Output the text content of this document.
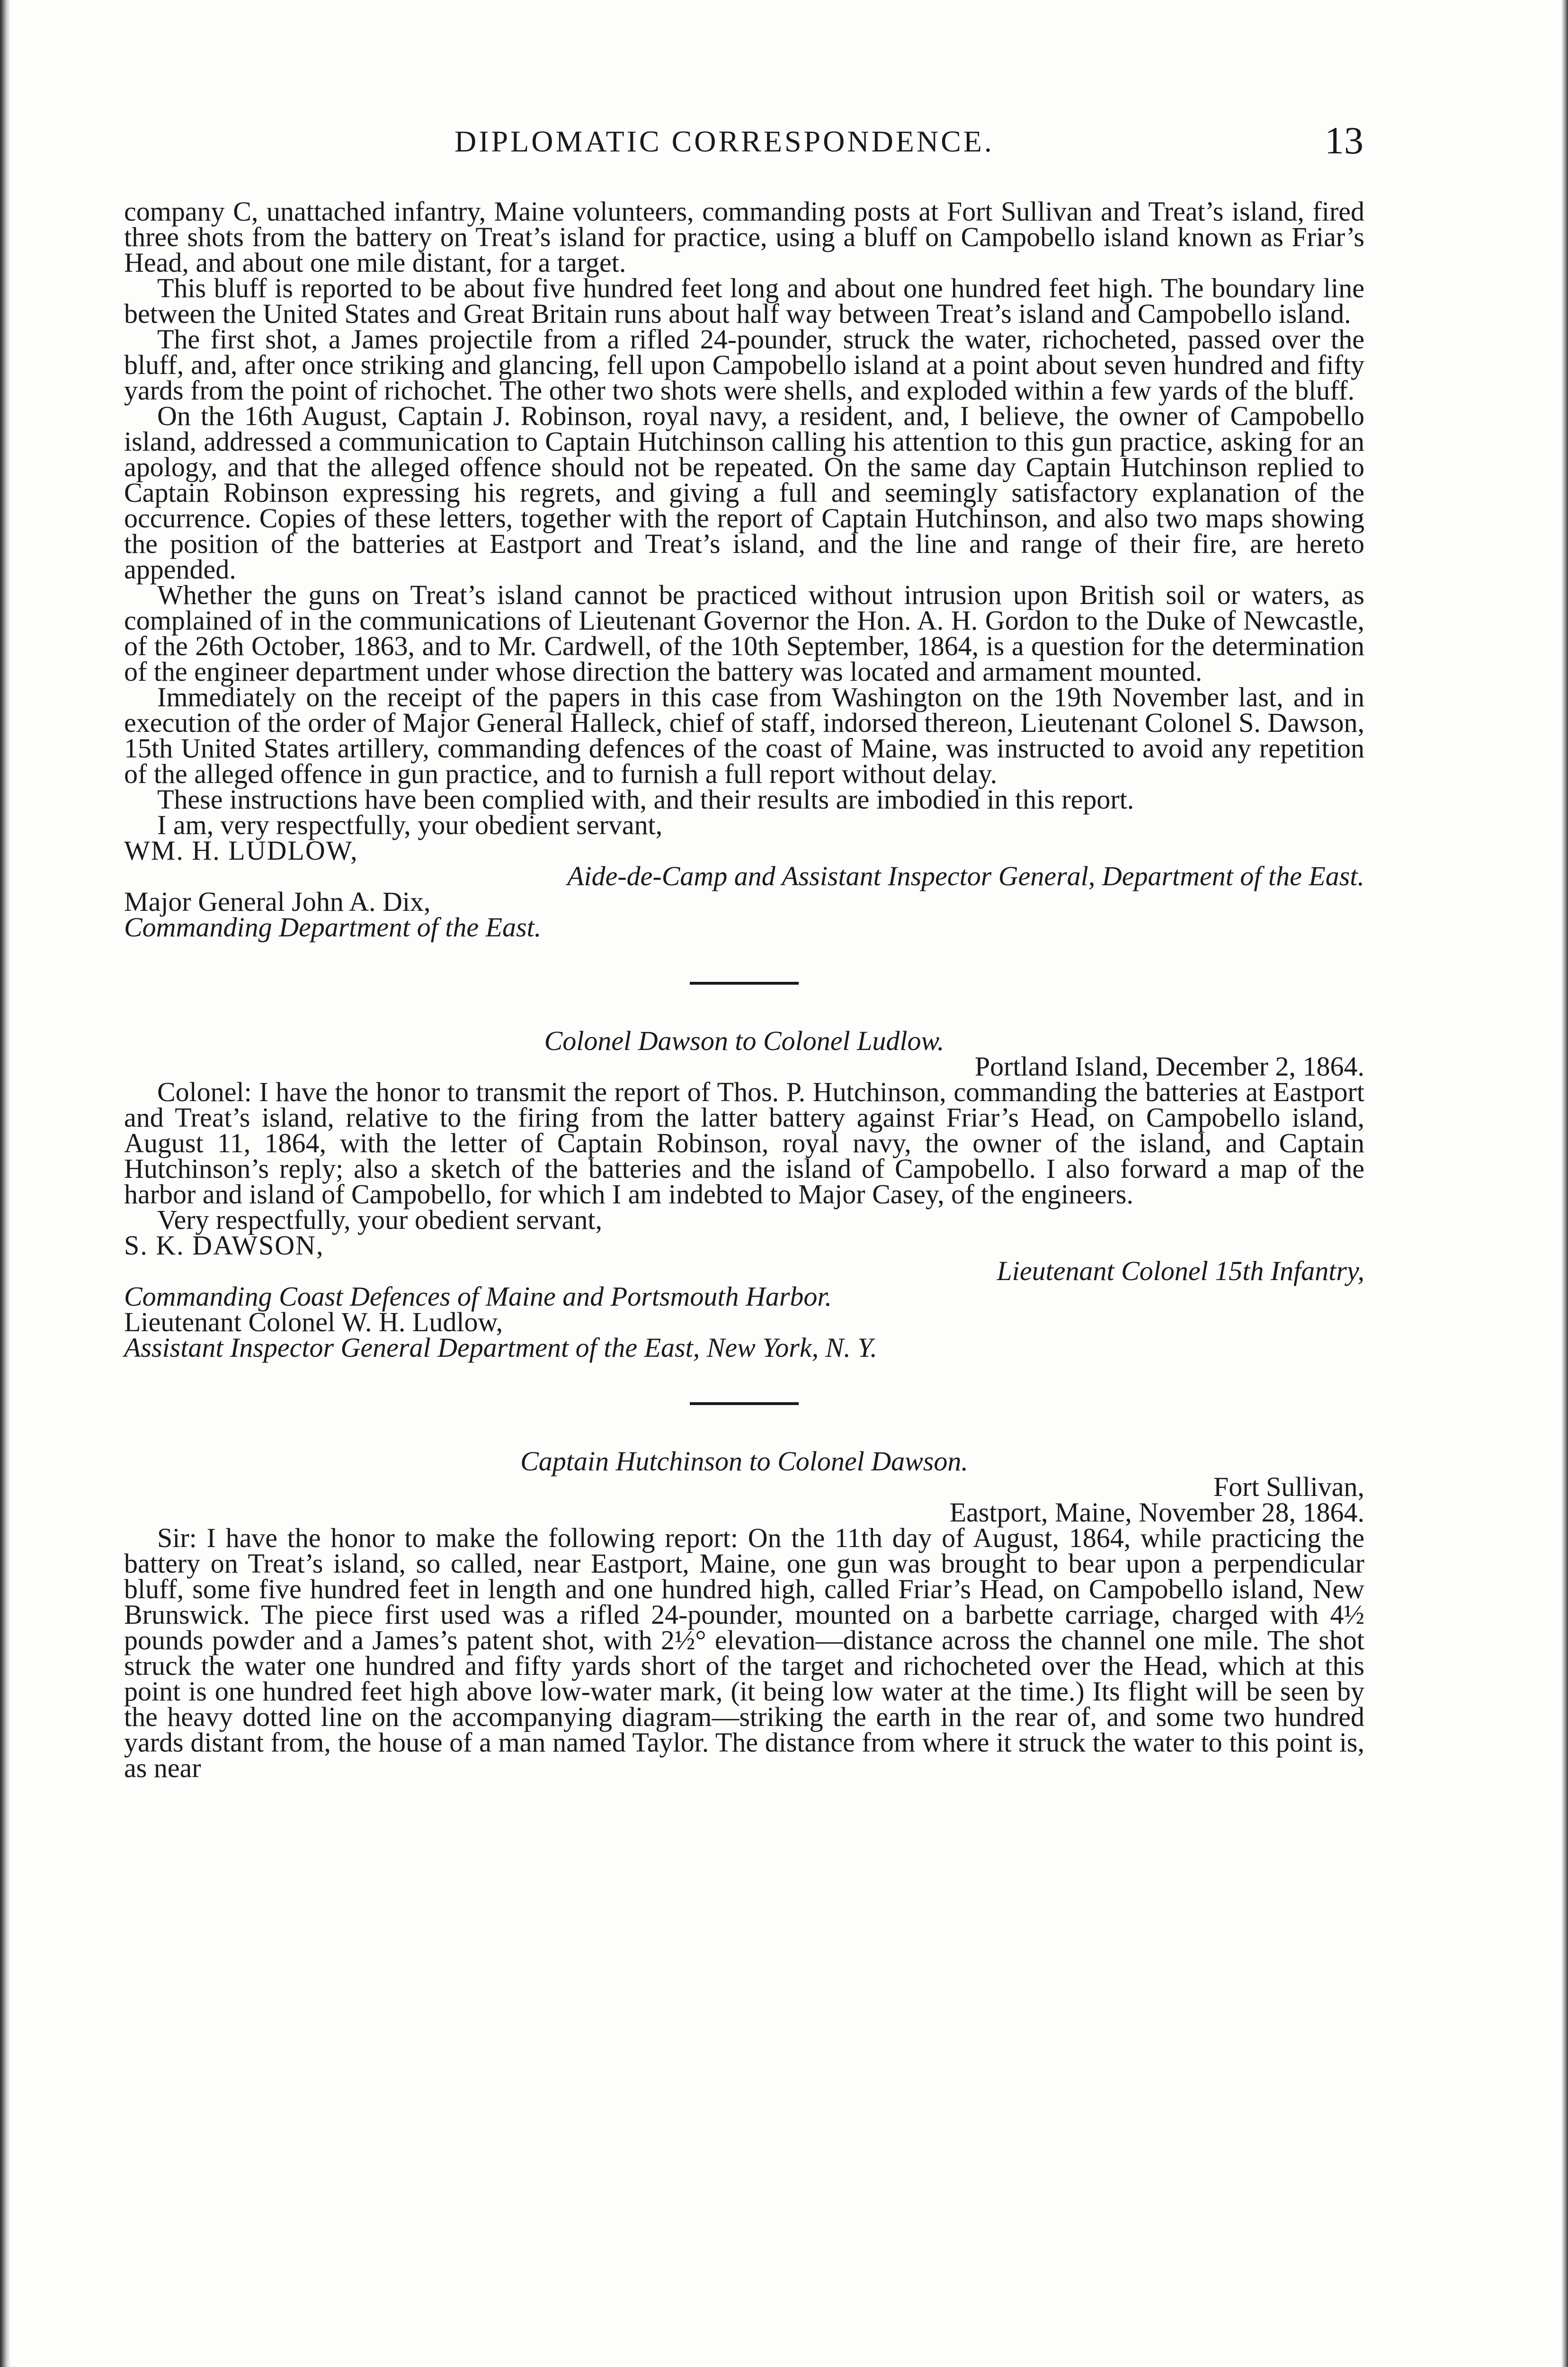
DIPLOMATIC CORRESPONDENCE.	13

company C, unattached infantry, Maine volunteers, commanding posts at Fort Sullivan and Treat’s island, fired three shots from the battery on Treat’s island for practice, using a bluff on Campobello island known as Friar’s Head, and about one mile distant, for a target.

This bluff is reported to be about five hundred feet long and about one hundred feet high. The boundary line between the United States and Great Britain runs about half way between Treat’s island and Campobello island.

The first shot, a James projectile from a rifled 24-pounder, struck the water, richocheted, passed over the bluff, and, after once striking and glancing, fell upon Campobello island at a point about seven hundred and fifty yards from the point of richochet. The other two shots were shells, and exploded within a few yards of the bluff.

On the 16th August, Captain J. Robinson, royal navy, a resident, and, I believe, the owner of Campobello island, addressed a communication to Captain Hutchinson calling his attention to this gun practice, asking for an apology, and that the alleged offence should not be repeated. On the same day Captain Hutchinson replied to Captain Robinson expressing his regrets, and giving a full and seemingly satisfactory explanation of the occurrence. Copies of these letters, together with the report of Captain Hutchinson, and also two maps showing the position of the batteries at Eastport and Treat’s island, and the line and range of their fire, are hereto appended.

Whether the guns on Treat’s island cannot be practiced without intrusion upon British soil or waters, as complained of in the communications of Lieutenant Governor the Hon. A. H. Gordon to the Duke of Newcastle, of the 26th October, 1863, and to Mr. Cardwell, of the 10th September, 1864, is a question for the determination of the engineer department under whose direction the battery was located and armament mounted.

Immediately on the receipt of the papers in this case from Washington on the 19th November last, and in execution of the order of Major General Halleck, chief of staff, indorsed thereon, Lieutenant Colonel S. Dawson, 15th United States artillery, commanding defences of the coast of Maine, was instructed to avoid any repetition of the alleged offence in gun practice, and to furnish a full report without delay.

These instructions have been complied with, and their results are imbodied in this report.

I am, very respectfully, your obedient servant,

WM. H. LUDLOW,

Aide-de-Camp and Assistant Inspector General, Department of the East.

Major General John A. Dix,

Commanding Department of the East.

Colonel Dawson to Colonel Ludlow.

Portland Island, December 2, 1864.

Colonel: I have the honor to transmit the report of Thos. P. Hutchinson, commanding the batteries at Eastport and Treat’s island, relative to the firing from the latter battery against Friar’s Head, on Campobello island, August 11, 1864, with the letter of Captain Robinson, royal navy, the owner of the island, and Captain Hutchinson’s reply; also a sketch of the batteries and the island of Campobello. I also forward a map of the harbor and island of Campobello, for which I am indebted to Major Casey, of the engineers.

Very respectfully, your obedient servant,

S. K. DAWSON,

Lieutenant Colonel 15th Infantry,

Commanding Coast Defences of Maine and Portsmouth Harbor.

Lieutenant Colonel W. H. Ludlow,

Assistant Inspector General Department of the East, New York, N. Y.

Captain Hutchinson to Colonel Dawson.

Fort Sullivan,

Eastport, Maine, November 28, 1864.

Sir: I have the honor to make the following report: On the 11th day of August, 1864, while practicing the battery on Treat’s island, so called, near Eastport, Maine, one gun was brought to bear upon a perpendicular bluff, some five hundred feet in length and one hundred high, called Friar’s Head, on Campobello island, New Brunswick. The piece first used was a rifled 24-pounder, mounted on a barbette carriage, charged with 4½ pounds powder and a James’s patent shot, with 2½° elevation—distance across the channel one mile. The shot struck the water one hundred and fifty yards short of the target and richocheted over the Head, which at this point is one hundred feet high above low-water mark, (it being low water at the time.) Its flight will be seen by the heavy dotted line on the accompanying diagram—striking the earth in the rear of, and some two hundred yards distant from, the house of a man named Taylor. The distance from where it struck the water to this point is, as near
